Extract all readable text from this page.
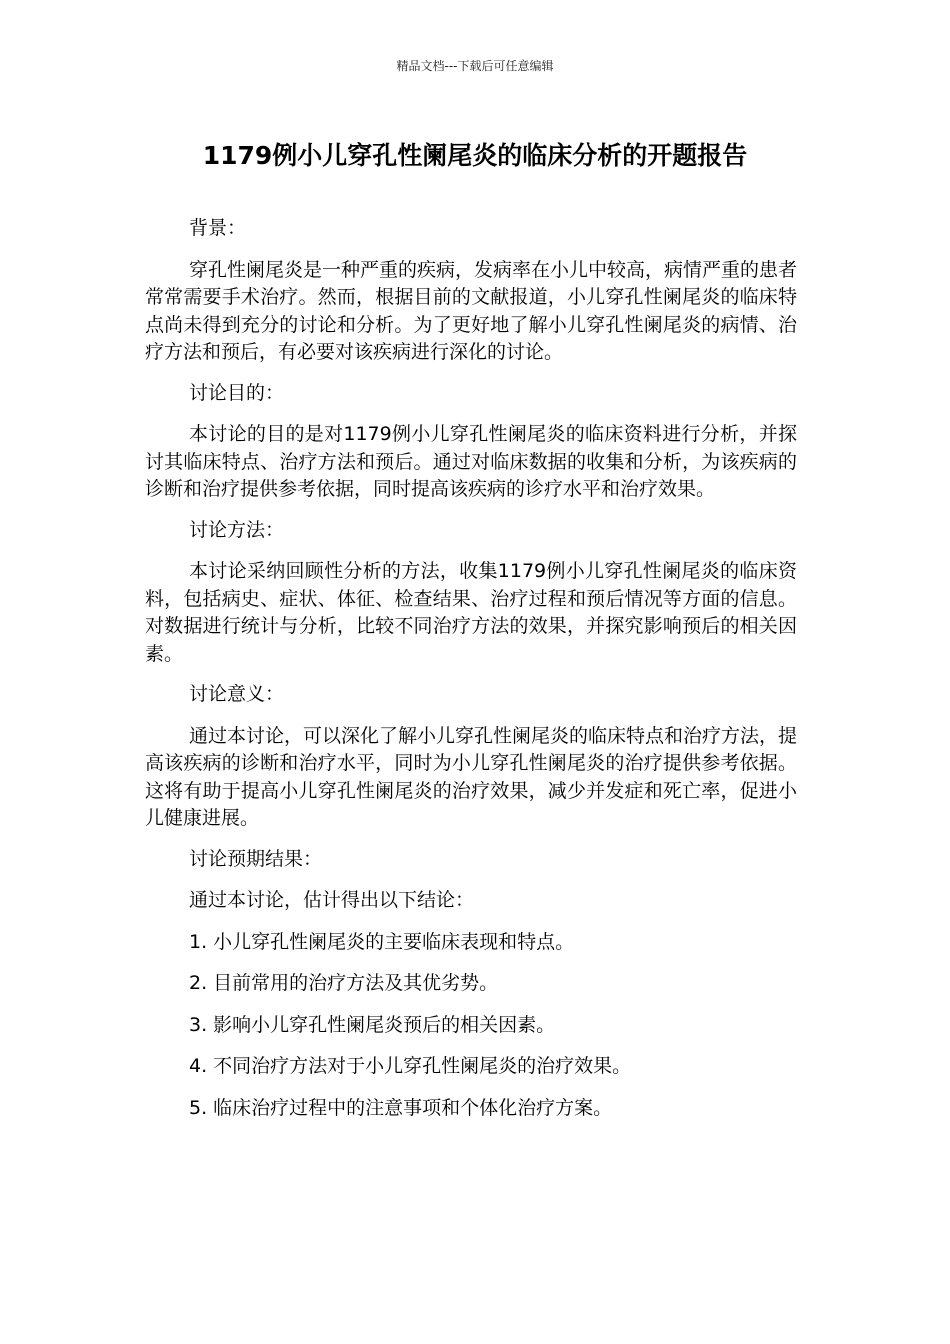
精品文档---下载后可任意编辑
1179例小儿穿孔性阑尾炎的临床分析的开题报告

背景：

穿孔性阑尾炎是一种严重的疾病，发病率在小儿中较高，病情严重的患者常常需要手术治疗。然而，根据目前的文献报道，小儿穿孔性阑尾炎的临床特点尚未得到充分的讨论和分析。为了更好地了解小儿穿孔性阑尾炎的病情、治疗方法和预后，有必要对该疾病进行深化的讨论。

讨论目的：

本讨论的目的是对1179例小儿穿孔性阑尾炎的临床资料进行分析，并探讨其临床特点、治疗方法和预后。通过对临床数据的收集和分析，为该疾病的诊断和治疗提供参考依据，同时提高该疾病的诊疗水平和治疗效果。

讨论方法：

本讨论采纳回顾性分析的方法，收集1179例小儿穿孔性阑尾炎的临床资料，包括病史、症状、体征、检查结果、治疗过程和预后情况等方面的信息。对数据进行统计与分析，比较不同治疗方法的效果，并探究影响预后的相关因素。

讨论意义：

通过本讨论，可以深化了解小儿穿孔性阑尾炎的临床特点和治疗方法，提高该疾病的诊断和治疗水平，同时为小儿穿孔性阑尾炎的治疗提供参考依据。这将有助于提高小儿穿孔性阑尾炎的治疗效果，减少并发症和死亡率，促进小儿健康进展。

讨论预期结果：

通过本讨论，估计得出以下结论：

1. 小儿穿孔性阑尾炎的主要临床表现和特点。

2. 目前常用的治疗方法及其优劣势。

3. 影响小儿穿孔性阑尾炎预后的相关因素。

4. 不同治疗方法对于小儿穿孔性阑尾炎的治疗效果。

5. 临床治疗过程中的注意事项和个体化治疗方案。
